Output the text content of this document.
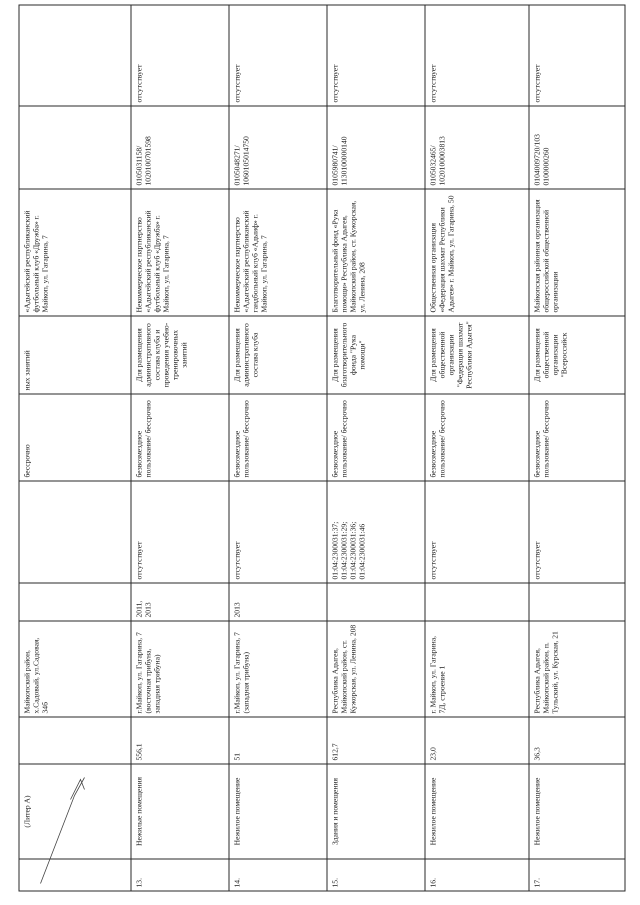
	(Литер А)		Майкопский район, х.Садовый, ул.Садовая, 34б			бессрочно	ных занятий	«Адыгейский республиканский футбольный клуб «Дружба» г. Майкоп, ул. Гагарина, 7		
13.	Нежилые помещения	556,1	г.Майкоп, ул. Гагарина, 7 (восточная трибуна, западная трибуна)	2011, 2013	отсутствует	безвозмездное пользование/ бессрочно	Для размещения административного состава клуба и проведения учебно-тренировочных занятий	Некоммерческое партнерство «Адыгейский республиканский футбольный клуб «Дружба» г. Майкоп, ул. Гагарина, 7	0105031158/ 1020100701598	отсутствует
14.	Нежилое помещение	51	г.Майкоп, ул. Гагарина, 7 (западная трибуна)	2013	отсутствует	безвозмездное пользование/ бессрочно	Для размещения административного состава клуба	Некоммерческое партнерство «Адыгейский республиканский гандбольный клуб «Адыиф» г. Майкоп, ул. Гагарина, 7	0105048271/ 1060105014750	отсутствует
15.	Здания и помещения	612,7	Республика Адыгея, Майкопский район, ст. Кужорская, ул. Ленина, 208		01:04:2300031:37; 01:04:2300031:29; 01:04:2300031:36; 01:04:2300031:46	безвозмездное пользование/ бессрочно	Для размещения благотворительного фонда "Рука помощи"	Благотворительный фонд «Рука помощи» Республика Адыгея, Майкопский район, ст. Кужорская, ул. Ленина, 208	0105980741/ 1130100000140	отсутствует
16.	Нежилое помещение	23,0	г. Майкоп, ул. Гагарина, 7Д, строение 1		отсутствует	безвозмездное пользование/ бессрочно	Для размещения общественной организации "Федерация шахмат Республики Адыгея"	Общественная организация «Федерация шахмат Республики Адыгея» г. Майкоп, ул. Гагарина, 50	0105032465/ 1020100003813	отсутствует
17.	Нежилое помещение	36,3	Республика Адыгея, Майкопский район, п. Тульский, ул. Курская, 21		отсутствует	безвозмездное пользование/ бессрочно	Для размещения общественной организации "Всероссийск	Майкопская районная организация общероссийской общественной организации	0104009720/103 0100000260	отсутствует
